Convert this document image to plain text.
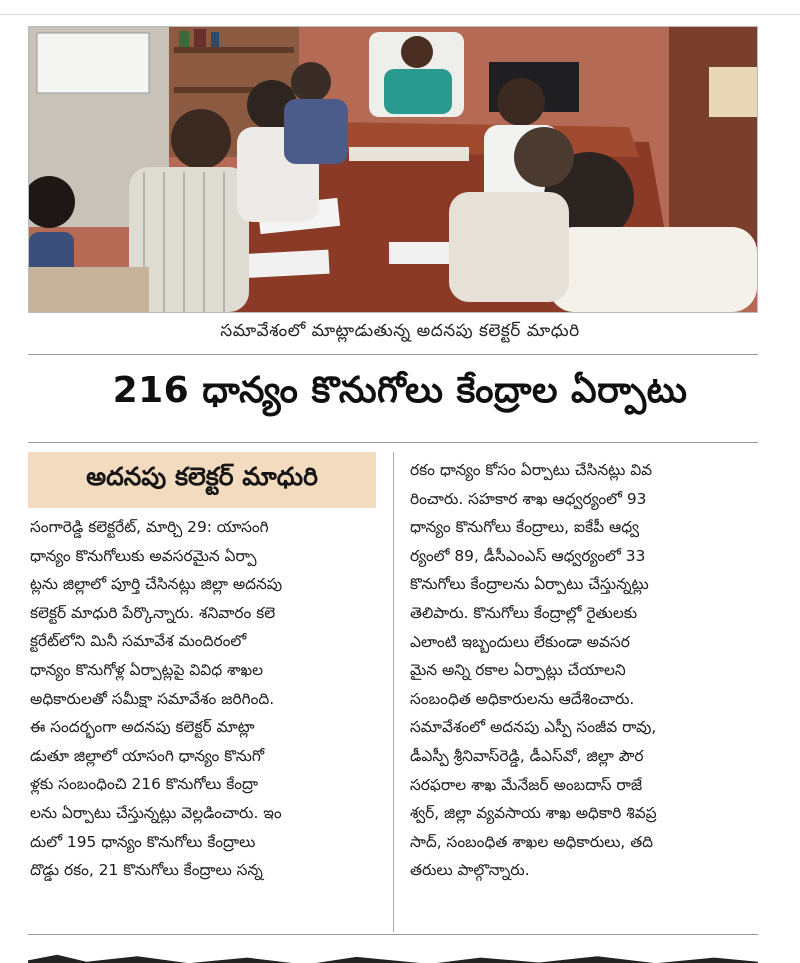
సమావేశంలో మాట్లాడుతున్న అదనపు కలెక్టర్ మాధురి
216 ధాన్యం కొనుగోలు కేంద్రాల ఏర్పాటు
అదనపు కలెక్టర్ మాధురి
సంగారెడ్డి కలెక్టరేట్, మార్చి 29: యాసంగి
ధాన్యం కొనుగోలుకు అవసరమైన ఏర్పా
ట్లను జిల్లాలో పూర్తి చేసినట్లు జిల్లా అదనపు
కలెక్టర్ మాధురి పేర్కొన్నారు. శనివారం కలె
క్టరేట్‌లోని మినీ సమావేశ మందిరంలో
ధాన్యం కొనుగోళ్ల ఏర్పాట్లపై వివిధ శాఖల
అధికారులతో సమీక్షా సమావేశం జరిగింది.
ఈ సందర్భంగా అదనపు కలెక్టర్ మాట్లా
డుతూ జిల్లాలో యాసంగి ధాన్యం కొనుగో
ళ్లకు సంబంధించి 216 కొనుగోలు కేంద్రా
లను ఏర్పాటు చేస్తున్నట్లు వెల్లడించారు. ఇం
దులో 195 ధాన్యం కొనుగోలు కేంద్రాలు
దొడ్డు రకం, 21 కొనుగోలు కేంద్రాలు సన్న
రకం ధాన్యం కోసం ఏర్పాటు చేసినట్లు వివ
రించారు. సహకార శాఖ ఆధ్వర్యంలో 93
ధాన్యం కొనుగోలు కేంద్రాలు, ఐకేపీ ఆధ్వ
ర్యంలో 89, డీసీఎంఎస్ ఆధ్వర్యంలో 33
కొనుగోలు కేంద్రాలను ఏర్పాటు చేస్తున్నట్లు
తెలిపారు. కొనుగోలు కేంద్రాల్లో రైతులకు
ఎలాంటి ఇబ్బందులు లేకుండా అవసర
మైన అన్ని రకాల ఏర్పాట్లు చేయాలని
సంబంధిత అధికారులను ఆదేశించారు.
సమావేశంలో అదనపు ఎస్పీ సంజీవ రావు,
డీఎస్పీ శ్రీనివాస్‌రెడ్డి, డీఎస్‌వో, జిల్లా పౌర
సరఫరాల శాఖ మేనేజర్ అంబదాస్ రాజే
శ్వర్, జిల్లా వ్యవసాయ శాఖ అధికారి శివప్ర
సాద్, సంబంధిత శాఖల అధికారులు, తది
తరులు పాల్గొన్నారు.
